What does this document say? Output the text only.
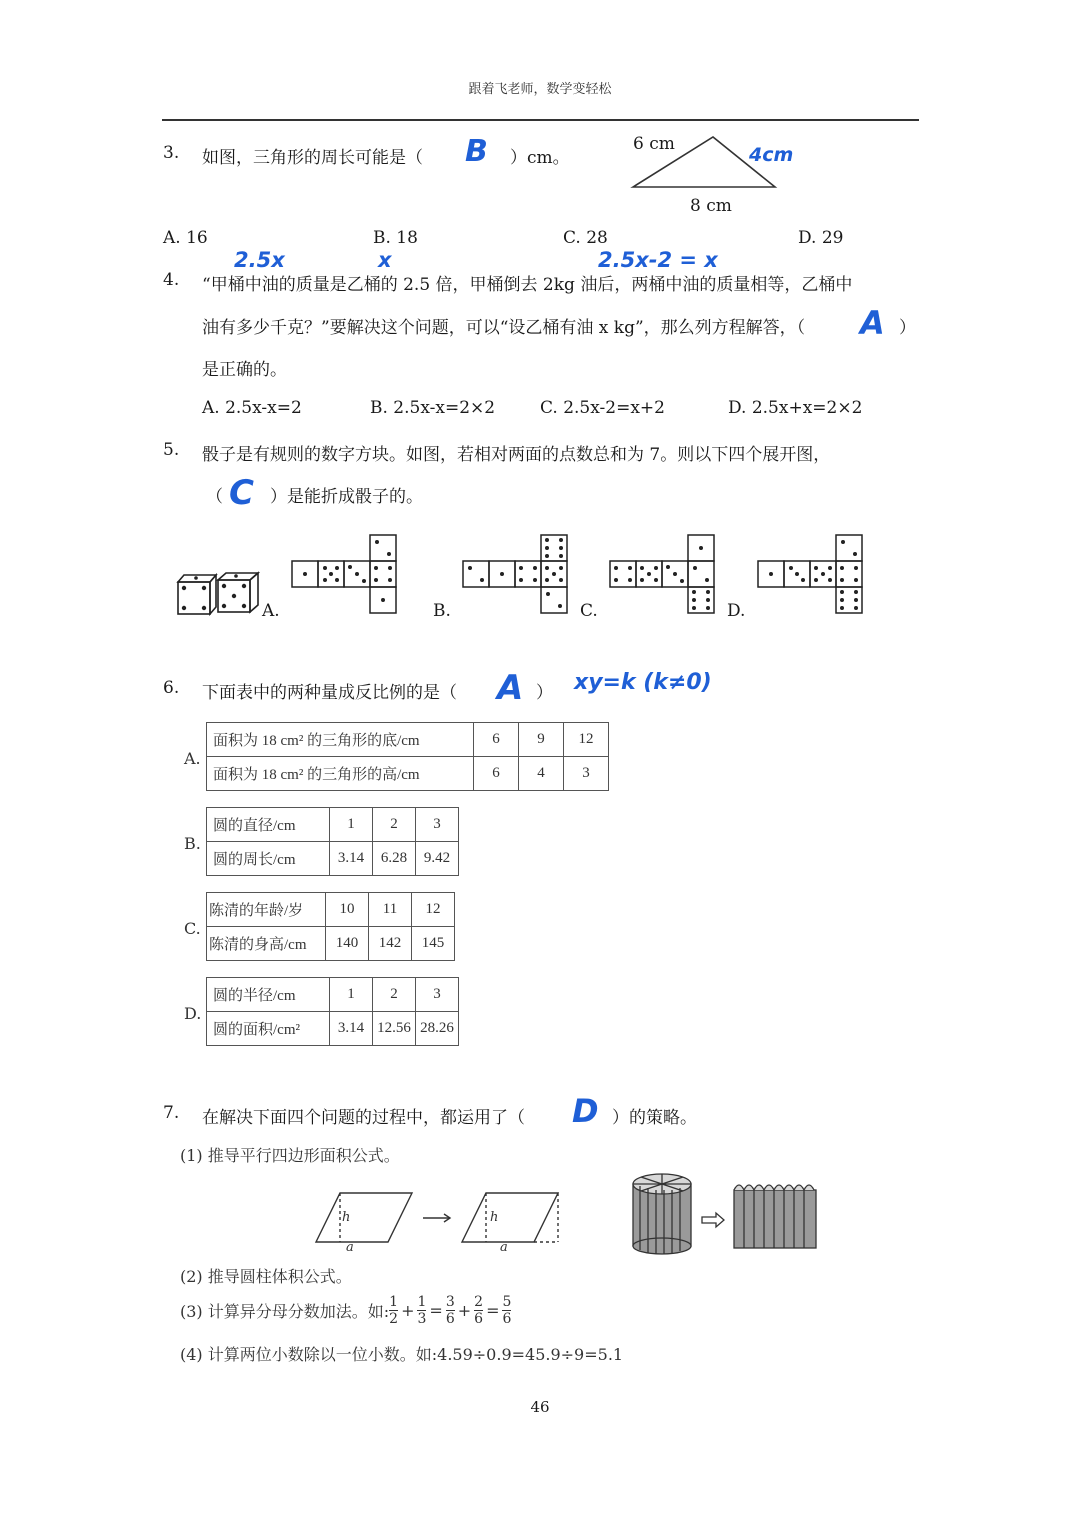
跟着飞老师，数学变轻松
3. 如图，三角形的周长可能是（ B ）cm。
6 cm	4cm
8 cm
A. 16	B. 18	C. 28	D. 29
2.5x	x	2.5x-2 = x
4. “甲桶中油的质量是乙桶的 2.5 倍，甲桶倒去 2kg 油后，两桶中油的质量相等，乙桶中
油有多少千克？”要解决这个问题，可以“设乙桶有油 x kg”，那么列方程解答，（ A ）
是正确的。
A. 2.5x-x=2	B. 2.5x-x=2×2	C. 2.5x-2=x+2	D. 2.5x+x=2×2
5. 骰子是有规则的数字方块。如图，若相对两面的点数总和为 7。则以下四个展开图，
（ C ）是能折成骰子的。
A.	B.	C.	D.
6. 下面表中的两种量成反比例的是（ A ） xy=k (k≠0)
A.
面积为 18 cm² 的三角形的底/cm	6	9	12
面积为 18 cm² 的三角形的高/cm	6	4	3
B.
圆的直径/cm	1	2	3
圆的周长/cm	3.14	6.28	9.42
C.
陈清的年龄/岁	10	11	12
陈清的身高/cm	140	142	145
D.
圆的半径/cm	1	2	3
圆的面积/cm²	3.14	12.56	28.26
7. 在解决下面四个问题的过程中，都运用了（ D ）的策略。
(1) 推导平行四边形面积公式。
h	h
a	a
(2) 推导圆柱体积公式。
(3) 计算异分母分数加法。如: $\frac{1}{2} + \frac{1}{3} = \frac{3}{6} + \frac{2}{6} = \frac{5}{6}$
(4) 计算两位小数除以一位小数。如:4.59÷0.9=45.9÷9=5.1
46
